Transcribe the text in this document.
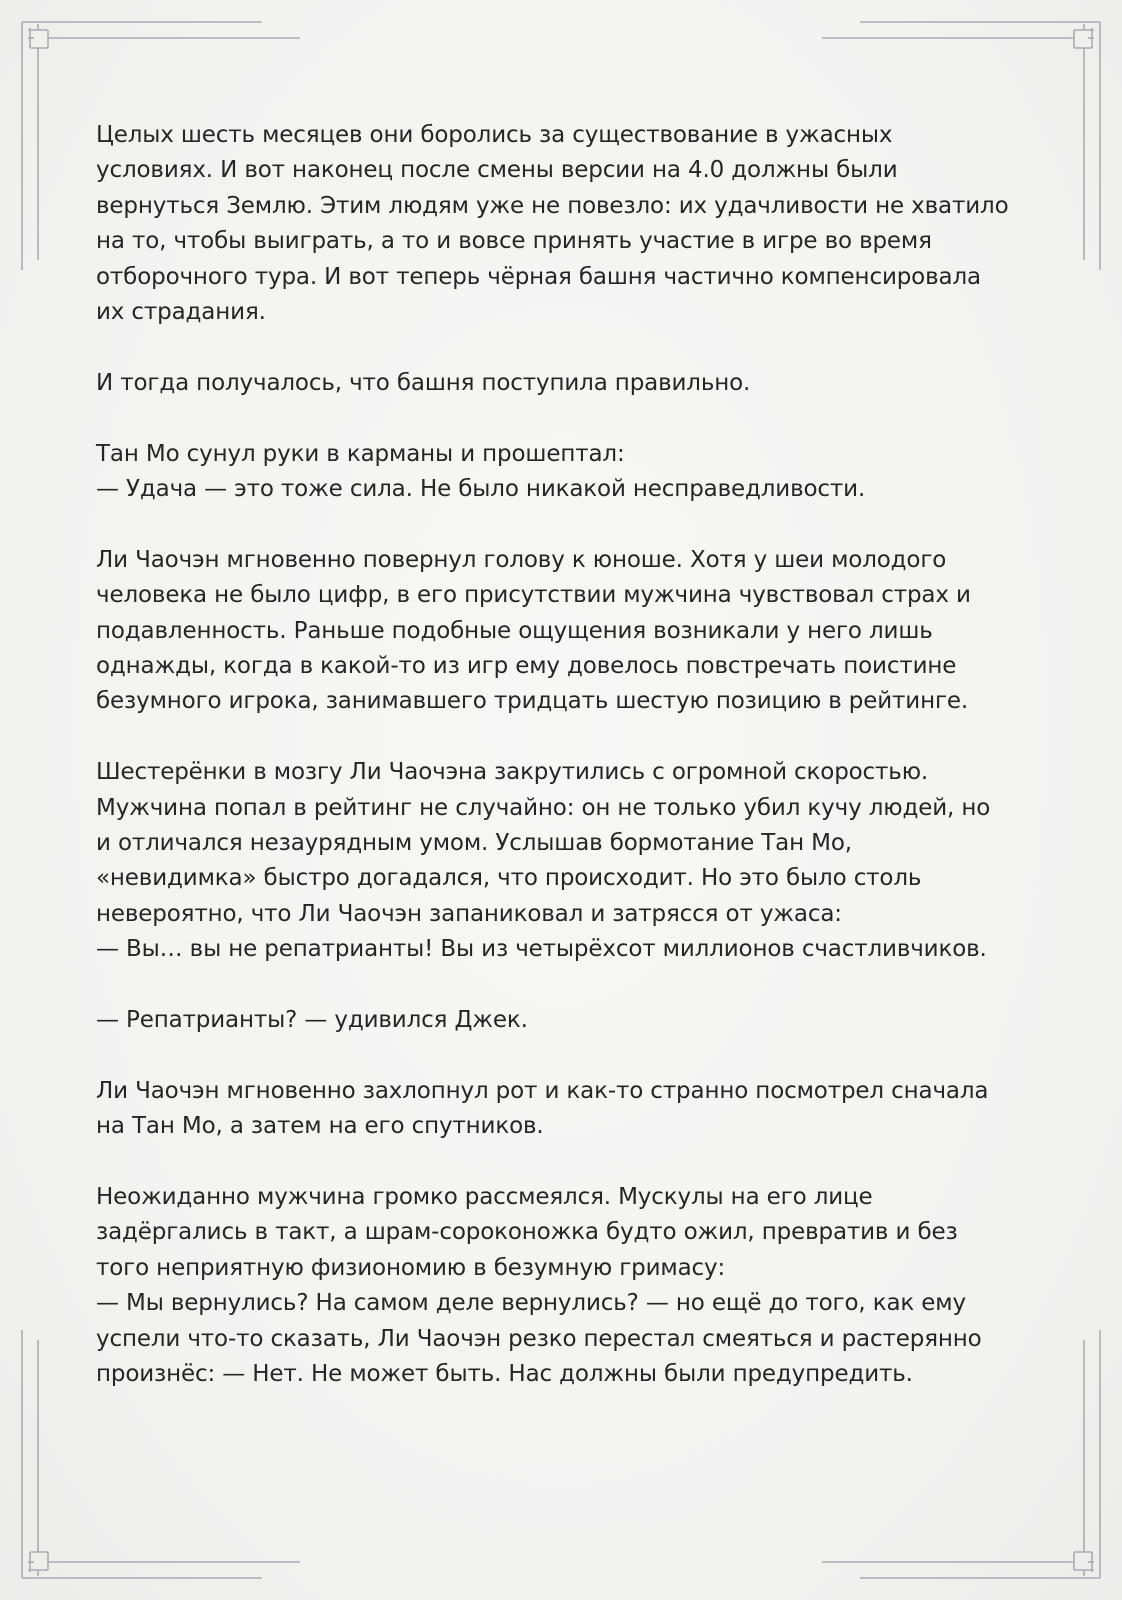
Целых шесть месяцев они боролись за существование в ужасных
условиях. И вот наконец после смены версии на 4.0 должны были
вернуться Землю. Этим людям уже не повезло: их удачливости не хватило
на то, чтобы выиграть, а то и вовсе принять участие в игре во время
отборочного тура. И вот теперь чёрная башня частично компенсировала
их страдания.

И тогда получалось, что башня поступила правильно.

Тан Мо сунул руки в карманы и прошептал:
— Удача — это тоже сила. Не было никакой несправедливости.

Ли Чаочэн мгновенно повернул голову к юноше. Хотя у шеи молодого
человека не было цифр, в его присутствии мужчина чувствовал страх и
подавленность. Раньше подобные ощущения возникали у него лишь
однажды, когда в какой-то из игр ему довелось повстречать поистине
безумного игрока, занимавшего тридцать шестую позицию в рейтинге.

Шестерёнки в мозгу Ли Чаочэна закрутились с огромной скоростью.
Мужчина попал в рейтинг не случайно: он не только убил кучу людей, но
и отличался незаурядным умом. Услышав бормотание Тан Мо,
«невидимка» быстро догадался, что происходит. Но это было столь
невероятно, что Ли Чаочэн запаниковал и затрясся от ужаса:
— Вы… вы не репатрианты! Вы из четырёхсот миллионов счастливчиков.

— Репатрианты? — удивился Джек.

Ли Чаочэн мгновенно захлопнул рот и как-то странно посмотрел сначала
на Тан Мо, а затем на его спутников.

Неожиданно мужчина громко рассмеялся. Мускулы на его лице
задёргались в такт, а шрам-сороконожка будто ожил, превратив и без
того неприятную физиономию в безумную гримасу:
— Мы вернулись? На самом деле вернулись? — но ещё до того, как ему
успели что-то сказать, Ли Чаочэн резко перестал смеяться и растерянно
произнёс: — Нет. Не может быть. Нас должны были предупредить.
